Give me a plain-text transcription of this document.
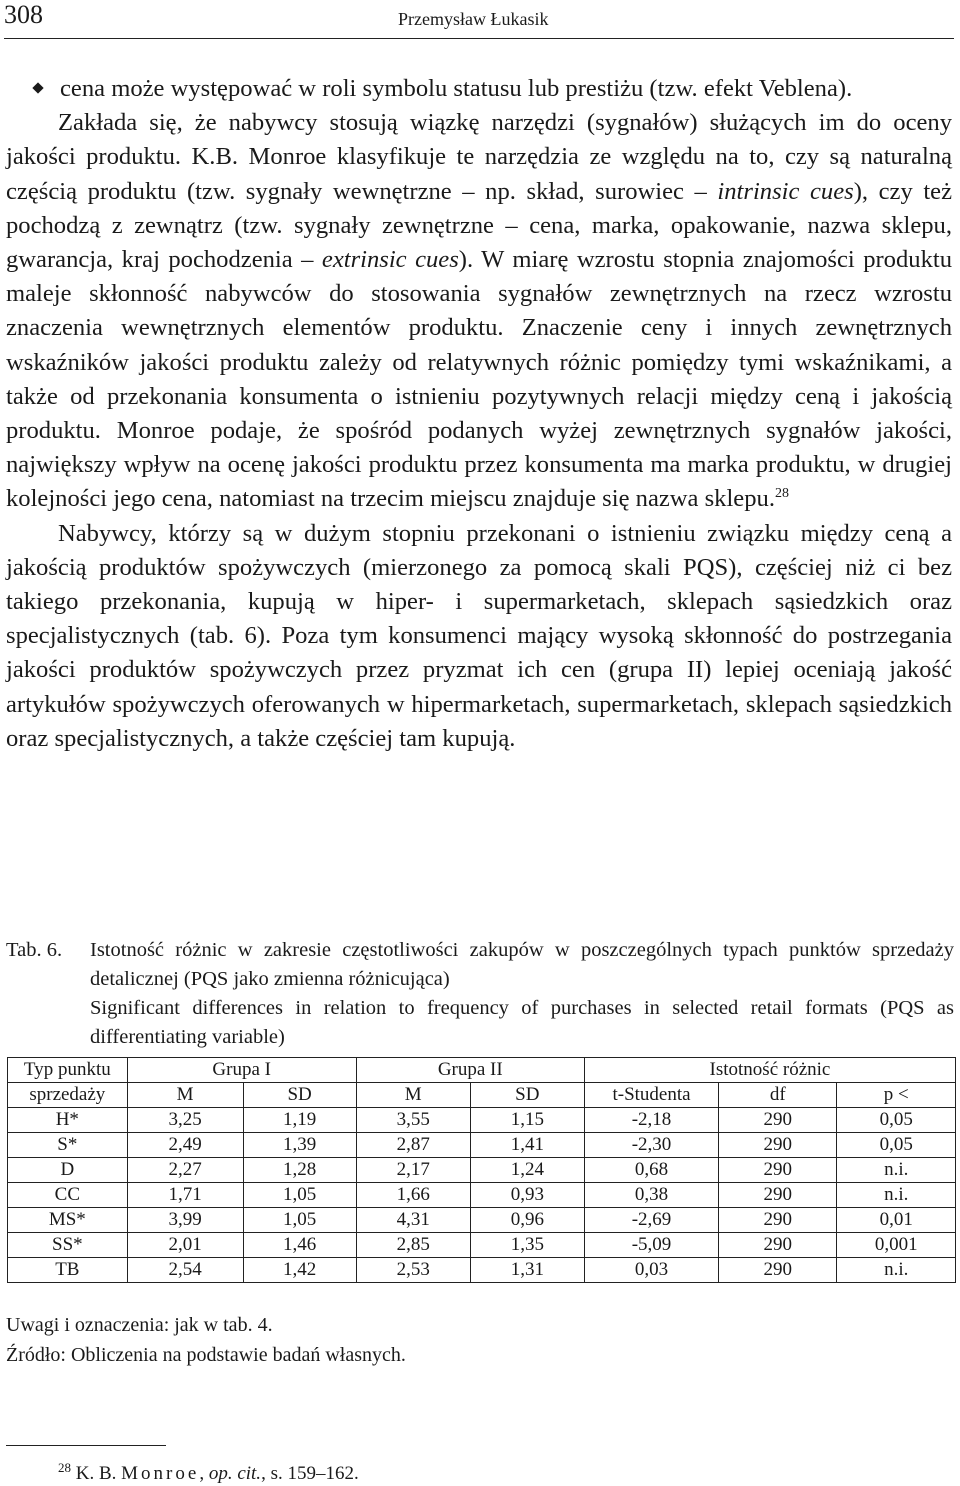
308	Przemysław Łukasik

cena może występować w roli symbolu statusu lub prestiżu (tzw. efekt Veblena).

Zakłada się, że nabywcy stosują wiązkę narzędzi (sygnałów) służących im do oceny jakości produktu. K.B. Monroe klasyfikuje te narzędzia ze względu na to, czy są naturalną częścią produktu (tzw. sygnały wewnętrzne – np. skład, surowiec – intrinsic cues), czy też pochodzą z zewnątrz (tzw. sygnały zewnętrzne – cena, marka, opakowanie, nazwa sklepu, gwarancja, kraj pochodzenia – extrinsic cues). W miarę wzrostu stopnia znajomości produktu maleje skłonność nabywców do stosowania sygnałów zewnętrznych na rzecz wzrostu znaczenia wewnętrznych elementów produktu. Znaczenie ceny i innych zewnętrznych wskaźników jakości produktu zależy od relatywnych różnic pomiędzy tymi wskaźnikami, a także od przekonania konsumenta o istnieniu pozytywnych relacji między ceną i jakością produktu. Monroe podaje, że spośród podanych wyżej zewnętrznych sygnałów jakości, największy wpływ na ocenę jakości produktu przez konsumenta ma marka produktu, w drugiej kolejności jego cena, natomiast na trzecim miejscu znajduje się nazwa sklepu.$^{28}$

Nabywcy, którzy są w dużym stopniu przekonani o istnieniu związku między ceną a jakością produktów spożywczych (mierzonego za pomocą skali PQS), częściej niż ci bez takiego przekonania, kupują w hiper- i supermarketach, sklepach sąsiedzkich oraz specjalistycznych (tab. 6). Poza tym konsumenci mający wysoką skłonność do postrzegania jakości produktów spożywczych przez pryzmat ich cen (grupa II) lepiej oceniają jakość artykułów spożywczych oferowanych w hipermarketach, supermarketach, sklepach sąsiedzkich oraz specjalistycznych, a także częściej tam kupują.

Tab. 6. Istotność różnic w zakresie częstotliwości zakupów w poszczególnych typach punktów sprzedaży detalicznej (PQS jako zmienna różnicująca)
Significant differences in relation to frequency of purchases in selected retail formats (PQS as differentiating variable)
Typ punktu	Grupa I		Grupa II		Istotność różnic		
sprzedaży	M	SD	M	SD	t-Studenta	df	p <
H*	3,25	1,19	3,55	1,15	-2,18	290	0,05
S*	2,49	1,39	2,87	1,41	-2,30	290	0,05
D	2,27	1,28	2,17	1,24	0,68	290	n.i.
CC	1,71	1,05	1,66	0,93	0,38	290	n.i.
MS*	3,99	1,05	4,31	0,96	-2,69	290	0,01
SS*	2,01	1,46	2,85	1,35	-5,09	290	0,001
TB	2,54	1,42	2,53	1,31	0,03	290	n.i.
Uwagi i oznaczenia: jak w tab. 4.
Źródło: Obliczenia na podstawie badań własnych.
$^{28}$ K. B. Monroe, op. cit., s. 159–162.
